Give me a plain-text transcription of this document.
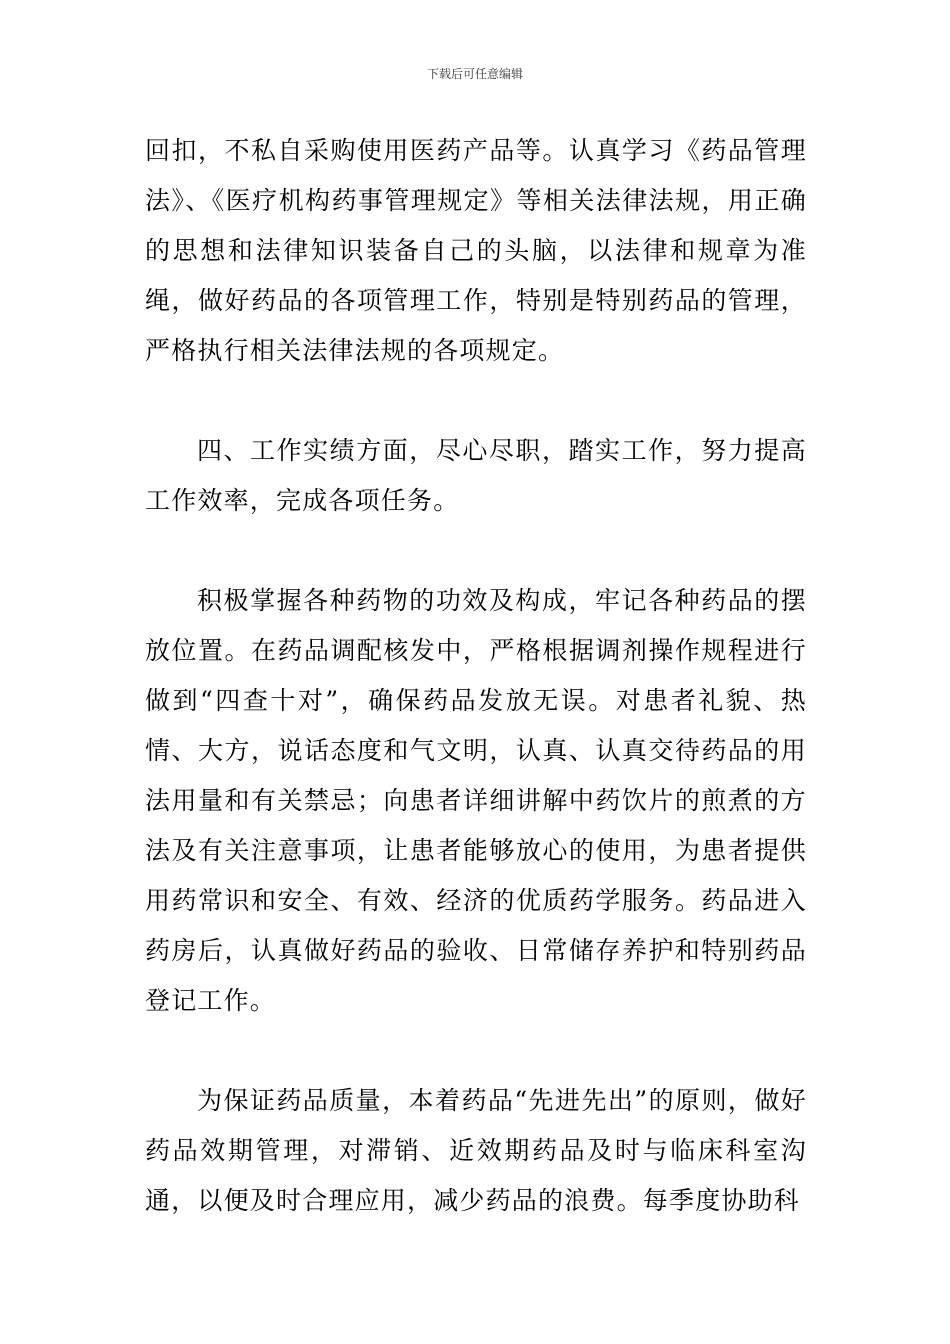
下载后可任意编辑

回扣，不私自采购使用医药产品等。认真学习《药品管理法》、《医疗机构药事管理规定》等相关法律法规，用正确的思想和法律知识装备自己的头脑，以法律和规章为准绳，做好药品的各项管理工作，特别是特别药品的管理，严格执行相关法律法规的各项规定。

四、工作实绩方面，尽心尽职，踏实工作，努力提高工作效率，完成各项任务。

积极掌握各种药物的功效及构成，牢记各种药品的摆放位置。在药品调配核发中，严格根据调剂操作规程进行做到“四查十对”，确保药品发放无误。对患者礼貌、热情、大方，说话态度和气文明，认真、认真交待药品的用法用量和有关禁忌；向患者详细讲解中药饮片的煎煮的方法及有关注意事项，让患者能够放心的使用，为患者提供用药常识和安全、有效、经济的优质药学服务。药品进入药房后，认真做好药品的验收、日常储存养护和特别药品登记工作。

为保证药品质量，本着药品“先进先出”的原则，做好药品效期管理，对滞销、近效期药品及时与临床科室沟通，以便及时合理应用，减少药品的浪费。每季度协助科
